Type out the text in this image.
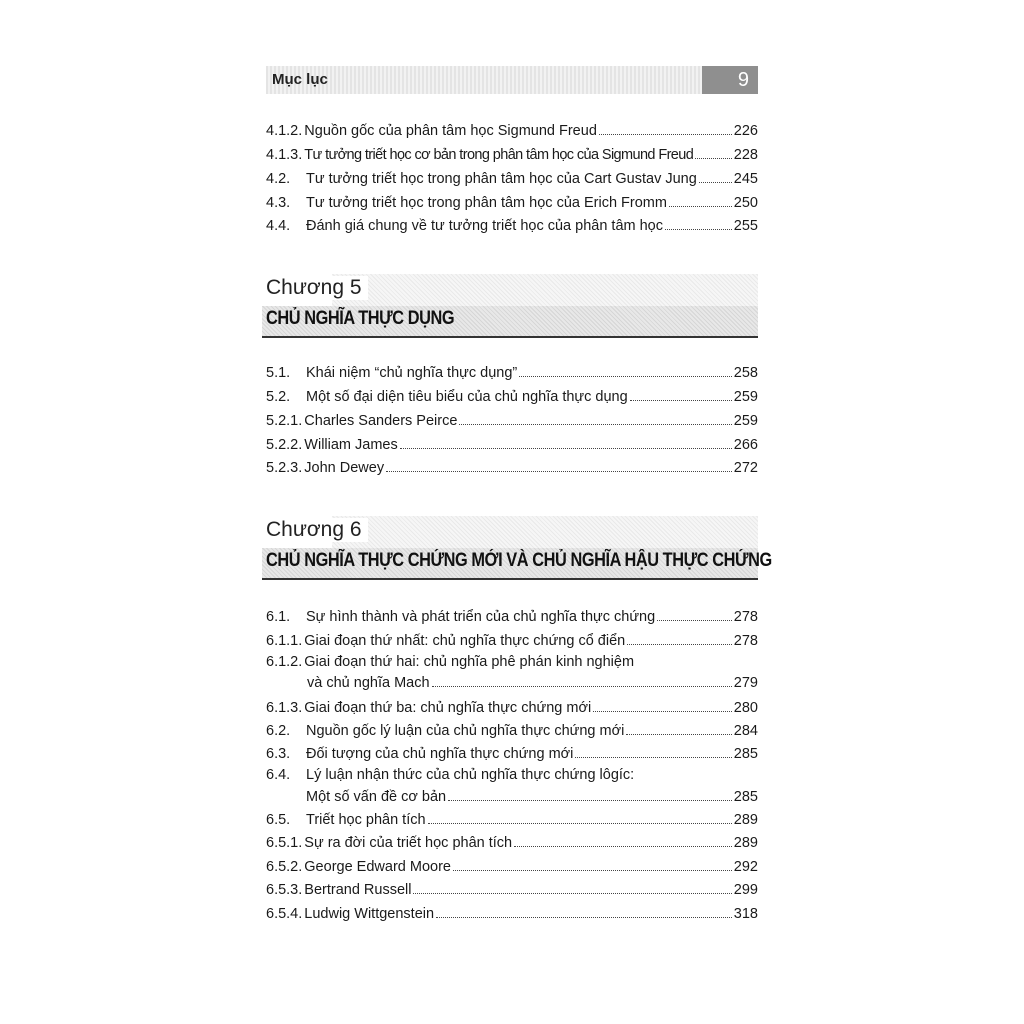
Mục lục	9
4.1.2. Nguồn gốc của phân tâm học Sigmund Freud	226
4.1.3. Tư tưởng triết học cơ bản trong phân tâm học của Sigmund Freud	228
4.2.	Tư tưởng triết học trong phân tâm học của Cart Gustav Jung	245
4.3.	Tư tưởng triết học trong phân tâm học của Erich Fromm	250
4.4.	Đánh giá chung về tư tưởng triết học của phân tâm học	255
Chương 5
CHỦ NGHĨA THỰC DỤNG
5.1.	Khái niệm “chủ nghĩa thực dụng”	258
5.2.	Một số đại diện tiêu biểu của chủ nghĩa thực dụng	259
5.2.1. Charles Sanders Peirce	259
5.2.2. William James	266
5.2.3. John Dewey	272
Chương 6
CHỦ NGHĨA THỰC CHỨNG MỚI VÀ CHỦ NGHĨA HẬU THỰC CHỨNG
6.1.	Sự hình thành và phát triển của chủ nghĩa thực chứng	278
6.1.1. Giai đoạn thứ nhất: chủ nghĩa thực chứng cổ điển	278
6.1.2. Giai đoạn thứ hai: chủ nghĩa phê phán kinh nghiệm
và chủ nghĩa Mach	279
6.1.3. Giai đoạn thứ ba: chủ nghĩa thực chứng mới	280
6.2.	Nguồn gốc lý luận của chủ nghĩa thực chứng mới	284
6.3.	Đối tượng của chủ nghĩa thực chứng mới	285
6.4. Lý luận nhận thức của chủ nghĩa thực chứng lôgíc:
Một số vấn đề cơ bản	285
6.5.	Triết học phân tích	289
6.5.1. Sự ra đời của triết học phân tích	289
6.5.2. George Edward Moore	292
6.5.3. Bertrand Russell	299
6.5.4. Ludwig Wittgenstein	318
